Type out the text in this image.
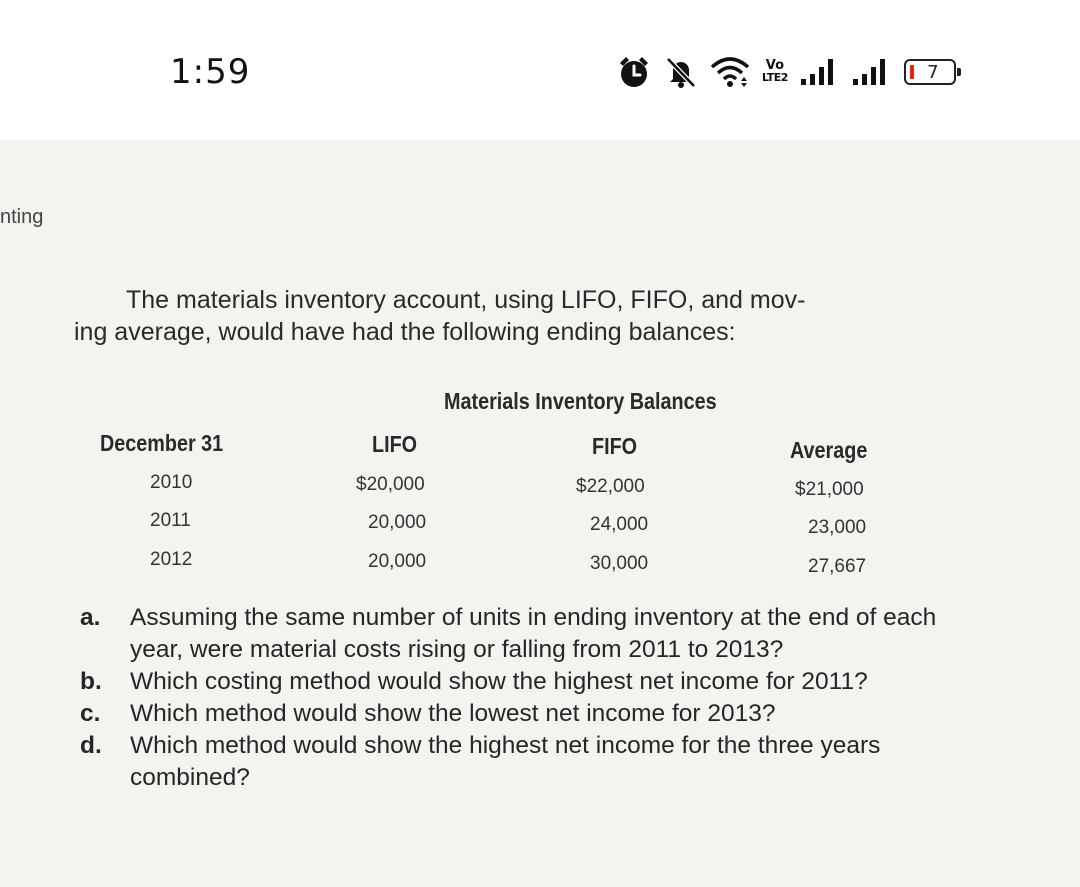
1:59	Vo
LTE2	7
nting
The materials inventory account, using LIFO, FIFO, and mov-
ing average, would have had the following ending balances:
Materials Inventory Balances
December 31	LIFO	FIFO	Average
2010	$20,000	$22,000	$21,000
2011	20,000	24,000	23,000
2012	20,000	30,000	27,667
a.	Assuming the same number of units in ending inventory at the end of each year, were material costs rising or falling from 2011 to 2013?
b.	Which costing method would show the highest net income for 2011?
c.	Which method would show the lowest net income for 2013?
d.	Which method would show the highest net income for the three years combined?
